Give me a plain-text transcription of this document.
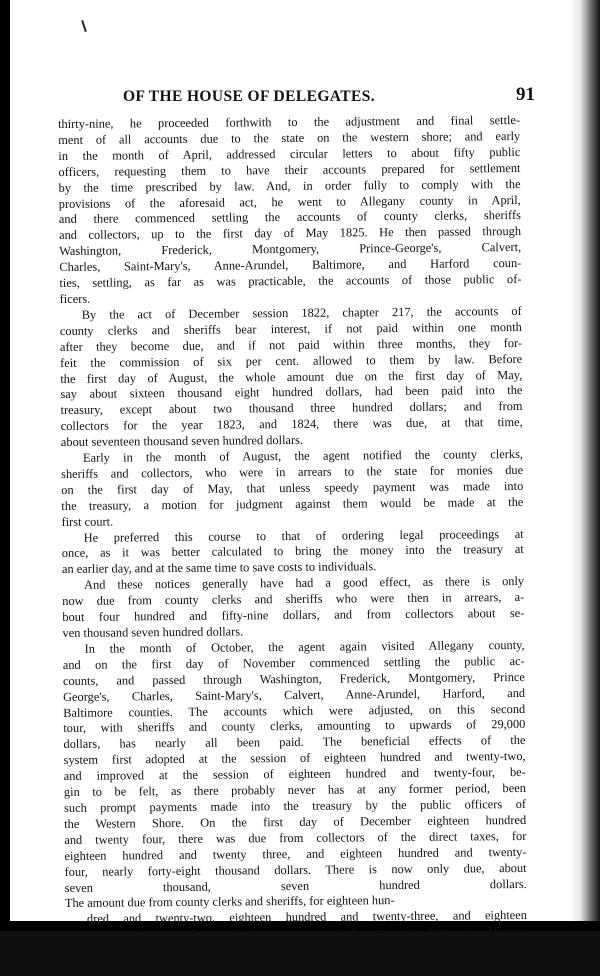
OF THE HOUSE OF DELEGATES.	91
thirty-nine, he proceeded forthwith to the adjustment and final settle-
ment of all accounts due to the state on the western shore; and early
in the month of April, addressed circular letters to about fifty public
officers, requesting them to have their accounts prepared for settlement
by the time prescribed by law. And, in order fully to comply with the
provisions of the aforesaid act, he went to Allegany county in April,
and there commenced settling the accounts of county clerks, sheriffs
and collectors, up to the first day of May 1825. He then passed through
Washington, Frederick, Montgomery, Prince-George's, Calvert,
Charles, Saint-Mary's, Anne-Arundel, Baltimore, and Harford coun-
ties, settling, as far as was practicable, the accounts of those public of-
ficers.
By the act of December session 1822, chapter 217, the accounts of
county clerks and sheriffs bear interest, if not paid within one month
after they become due, and if not paid within three months, they for-
feit the commission of six per cent. allowed to them by law. Before
the first day of August, the whole amount due on the first day of May,
say about sixteen thousand eight hundred dollars, had been paid into the
treasury, except about two thousand three hundred dollars; and from
collectors for the year 1823, and 1824, there was due, at that time,
about seventeen thousand seven hundred dollars.
Early in the month of August, the agent notified the county clerks,
sheriffs and collectors, who were in arrears to the state for monies due
on the first day of May, that unless speedy payment was made into
the treasury, a motion for judgment against them would be made at the
first court.
He preferred this course to that of ordering legal proceedings at
once, as it was better calculated to bring the money into the treasury at
an earlier day, and at the same time to save costs to individuals.
And these notices generally have had a good effect, as there is only
now due from county clerks and sheriffs who were then in arrears, a-
bout four hundred and fifty-nine dollars, and from collectors about se-
ven thousand seven hundred dollars.
In the month of October, the agent again visited Allegany county,
and on the first day of November commenced settling the public ac-
counts, and passed through Washington, Frederick, Montgomery, Prince
George's, Charles, Saint-Mary's, Calvert, Anne-Arundel, Harford, and
Baltimore counties. The accounts which were adjusted, on this second
tour, with sheriffs and county clerks, amounting to upwards of 29,000
dollars, has nearly all been paid. The beneficial effects of the
system first adopted at the session of eighteen hundred and twenty-two,
and improved at the session of eighteen hundred and twenty-four, be-
gin to be felt, as there probably never has at any former period, been
such prompt payments made into the treasury by the public officers of
the Western Shore. On the first day of December eighteen hundred
and twenty four, there was due from collectors of the direct taxes, for
eighteen hundred and twenty three, and eighteen hundred and twenty-
four, nearly forty-eight thousand dollars. There is now only due, about
seven thousand, seven hundred dollars.
The amount due from county clerks and sheriffs, for eighteen hun-
dred and twenty-two, eighteen hundred and twenty-three, and eighteen
hundred and twenty-four, which was estimated, on the first of Decem-
ber eighteen hundred and twenty-four, at about nineteen thousand dol-
lars, has been reduced to about seven thousand dollars. And the
